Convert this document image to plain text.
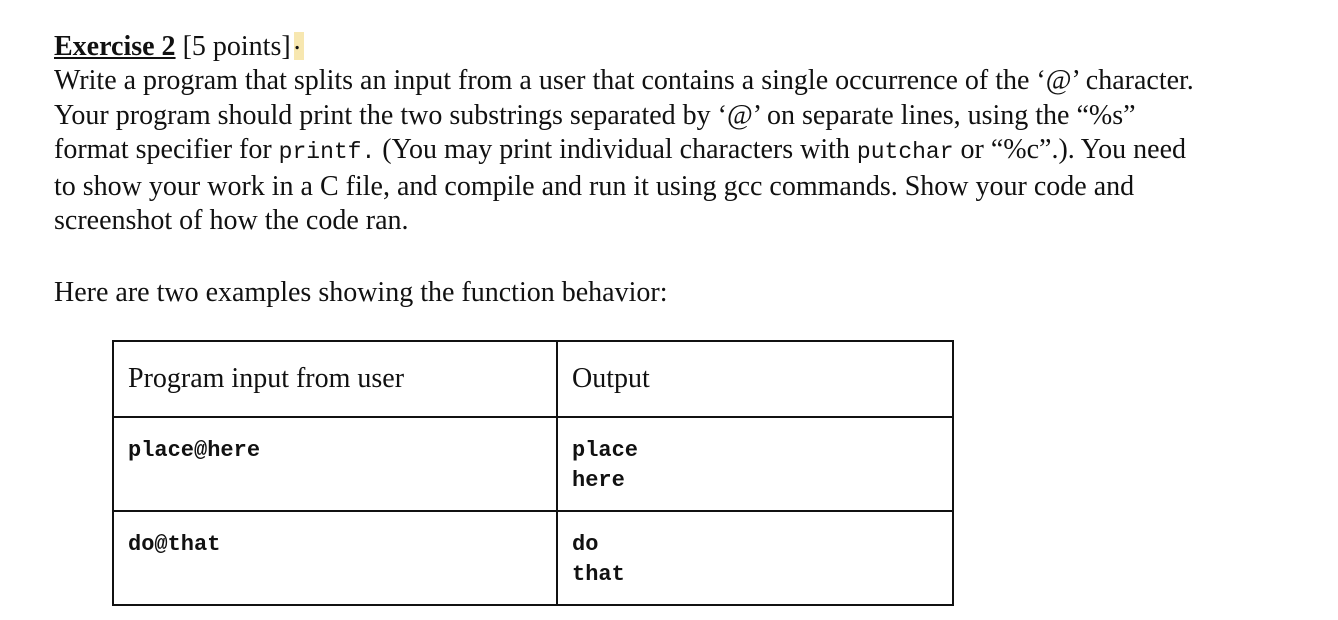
Exercise 2 [5 points] .

Write a program that splits an input from a user that contains a single occurrence of the ‘@’ character.
Your program should print the two substrings separated by ‘@’ on separate lines, using the “%s”
format specifier for printf. (You may print individual characters with putchar or “%c”.). You need
to show your work in a C file, and compile and run it using gcc commands. Show your code and
screenshot of how the code ran.

Here are two examples showing the function behavior:

Program input from user	Output
place@here	place
here

do@that	do
that
